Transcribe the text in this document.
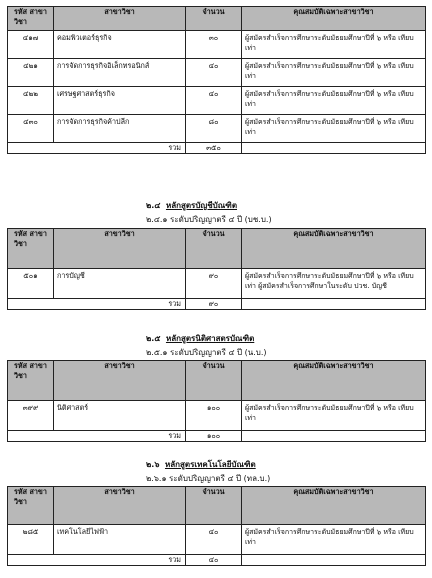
รหัส สาขาวิชา	สาขาวิชา	จำนวน	คุณสมบัติเฉพาะสาขาวิชา
๔๑๗	คอมพิวเตอร์ธุรกิจ	๓๐	ผู้สมัครสำเร็จการศึกษาระดับมัธยมศึกษาปีที่ ๖ หรือ เทียบเท่า
๔๒๑	การจัดการธุรกิจอิเล็กทรอนิกส์	๔๐	ผู้สมัครสำเร็จการศึกษาระดับมัธยมศึกษาปีที่ ๖ หรือ เทียบเท่า
๔๒๒	เศรษฐศาสตร์ธุรกิจ	๔๐	ผู้สมัครสำเร็จการศึกษาระดับมัธยมศึกษาปีที่ ๖ หรือ เทียบเท่า
๔๓๐	การจัดการธุรกิจค้าปลีก	๘๐	ผู้สมัครสำเร็จการศึกษาระดับมัธยมศึกษาปีที่ ๖ หรือ เทียบเท่า
รวม		๓๕๐	
๒.๔ หลักสูตรบัญชีบัณฑิต
๒.๔.๑ ระดับปริญญาตรี ๔ ปี (บช.บ.)
รหัส สาขาวิชา	สาขาวิชา	จำนวน	คุณสมบัติเฉพาะสาขาวิชา
๕๐๑	การบัญชี	๙๐	ผู้สมัครสำเร็จการศึกษาระดับมัธยมศึกษาปีที่ ๖ หรือ เทียบเท่า ผู้สมัครสำเร็จการศึกษาในระดับ ปวช. บัญชี
รวม		๙๐	
๒.๕ หลักสูตรนิติศาสตรบัณฑิต
๒.๕.๑ ระดับปริญญาตรี ๔ ปี (น.บ.)
รหัส สาขาวิชา	สาขาวิชา	จำนวน	คุณสมบัติเฉพาะสาขาวิชา
๓๙๙	นิติศาสตร์	๑๐๐	ผู้สมัครสำเร็จการศึกษาระดับมัธยมศึกษาปีที่ ๖ หรือ เทียบเท่า
รวม		๑๐๐	
๒.๖ หลักสูตรเทคโนโลยีบัณฑิต
๒.๖.๑ ระดับปริญญาตรี ๔ ปี (ทล.บ.)
รหัส สาขาวิชา	สาขาวิชา	จำนวน	คุณสมบัติเฉพาะสาขาวิชา
๒๘๕	เทคโนโลยีไฟฟ้า	๔๐	ผู้สมัครสำเร็จการศึกษาระดับมัธยมศึกษาปีที่ ๖ หรือ เทียบเท่า
รวม		๔๐	
